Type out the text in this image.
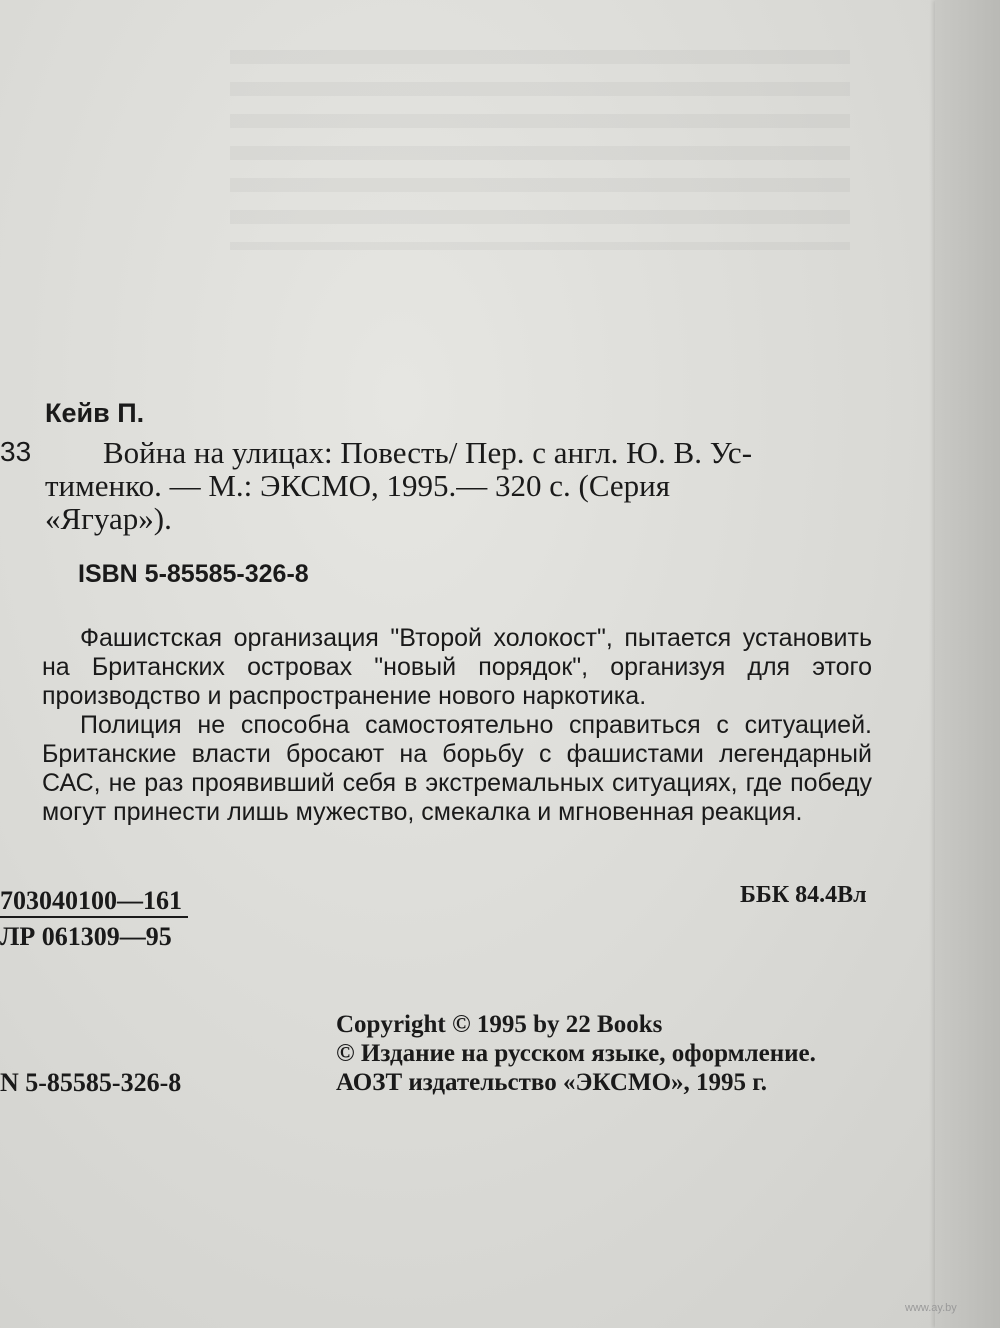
Кейв П.
33	Война на улицах: Повесть/ Пер. с англ. Ю. В. Ус-

тименко. — М.: ЭКСМО, 1995.— 320 с. (Серия

«Ягуар»).

ISBN 5-85585-326-8

Фашистская организация "Второй холокост", пытается установить на Британских островах "новый порядок", организуя для этого производство и распространение нового наркотика.

Полиция не способна самостоятельно справиться с ситуацией. Британские власти бросают на борьбу с фашистами легендарный САС, не раз проявивший себя в экстремальных ситуациях, где победу могут принести лишь мужество, смекалка и мгновенная реакция.

703040100—161
ЛР 061309—95
ББК 84.4Вл
Copyright © 1995 by 22 Books
© Издание на русском языке, оформление.
АОЗТ издательство «ЭКСМО», 1995 г.
N 5-85585-326-8
www.ay.by
